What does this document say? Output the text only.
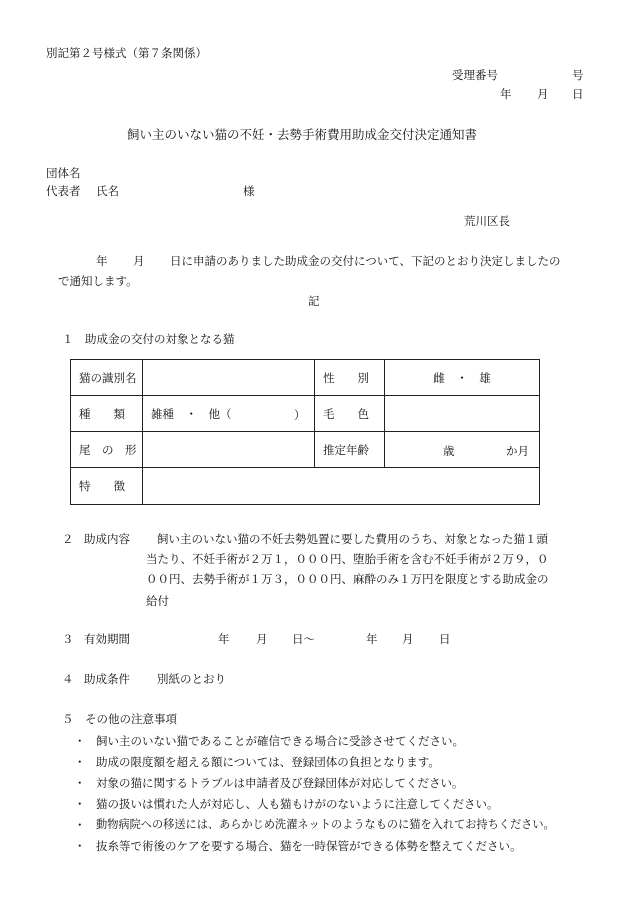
別記第２号様式（第７条関係）
受理番号	号
年 月 日
飼い主のいない猫の不妊・去勢手術費用助成金交付決定通知書
団体名
代表者 氏名	様
荒川区長
年 月 日に申請のありました助成金の交付について、下記のとおり決定しましたの
で通知します。
記
１　助成金の交付の対象となる猫
猫の識別名		性　　別	雌　・　雄
種　　類	雑種　・　他（ ）	毛　　色	
尾　の　形		推定年齢	歳 か月

特　　徴			
２ 助成内容 飼い主のいない猫の不妊去勢処置に要した費用のうち、対象となった猫１頭
当たり、不妊手術が２万１，０００円、堕胎手術を含む不妊手術が２万９，０
００円、去勢手術が１万３，０００円、麻酔のみ１万円を限度とする助成金の
給付
３ 有効期間	年 月 日～	年 月 日
４ 助成条件 別紙のとおり
５　その他の注意事項
・ 飼い主のいない猫であることが確信できる場合に受診させてください。
・ 助成の限度額を超える額については、登録団体の負担となります。
・ 対象の猫に関するトラブルは申請者及び登録団体が対応してください。
・ 猫の扱いは慣れた人が対応し、人も猫もけがのないように注意してください。
・ 動物病院への移送には、あらかじめ洗濯ネットのようなものに猫を入れてお持ちください。
・ 抜糸等で術後のケアを要する場合、猫を一時保管ができる体勢を整えてください。
